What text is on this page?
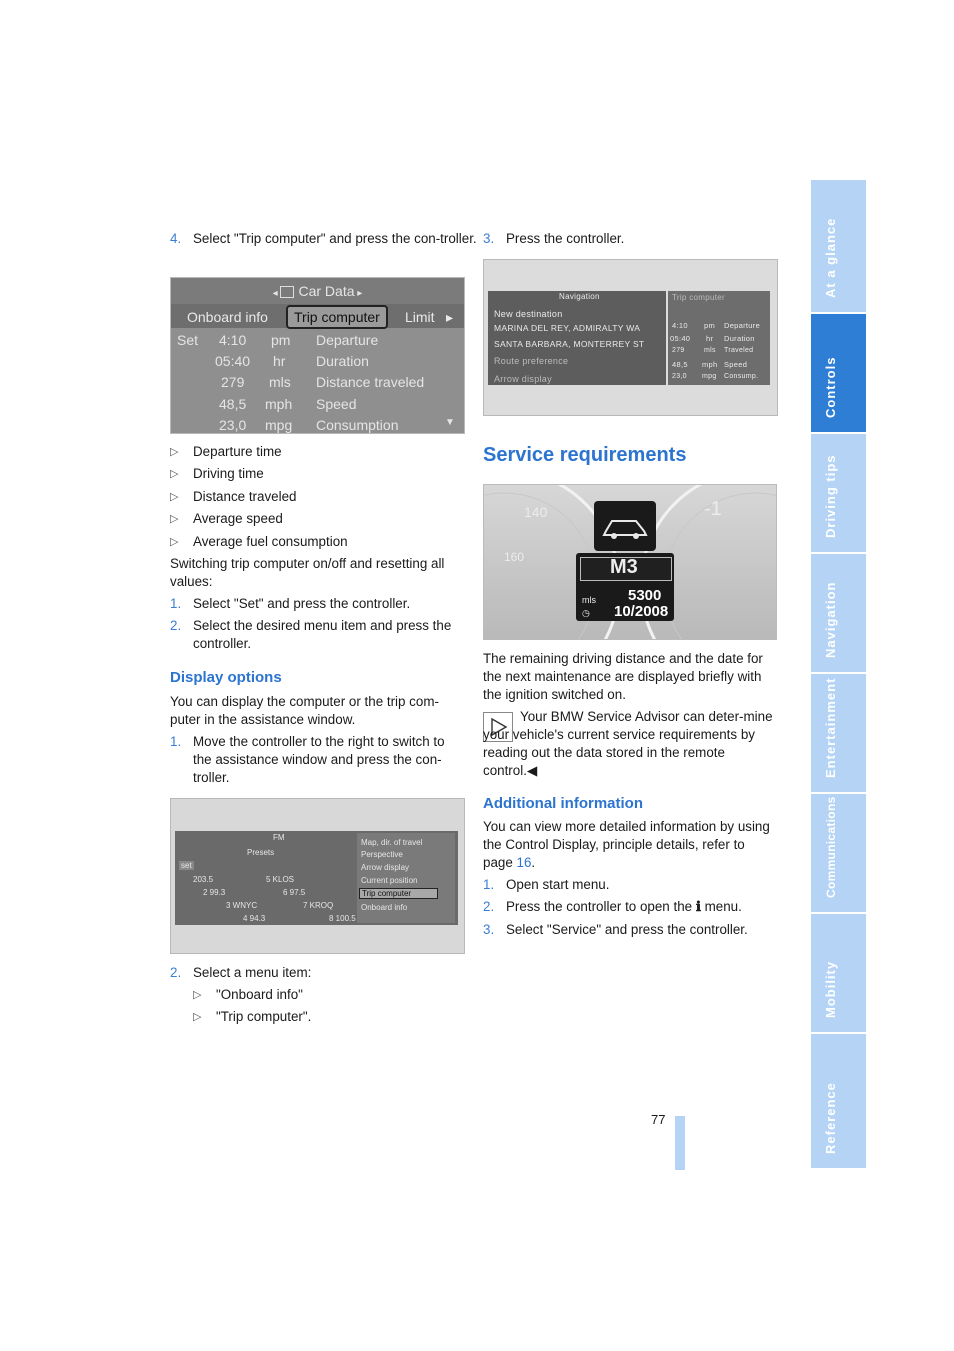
4. Select "Trip computer" and press the con-troller.
◂ Car Data ▸
Onboard info	Trip computer	Limit ▸
Set 4:10 pm Departure
05:40 hr Duration
279 mls Distance traveled
48,5 mph Speed
23,0 mpg Consumption	▼
▷ Departure time
▷ Driving time
▷ Distance traveled
▷ Average speed
▷ Average fuel consumption

Switching trip computer on/off and resetting all values:

1. Select "Set" and press the controller.
2. Select the desired menu item and press the controller.
Display options

You can display the computer or the trip com-puter in the assistance window.

1. Move the controller to the right to switch to the assistance window and press the con-troller.
FM
Presets
set
203.5	5 KLOS
2 99.3	6 97.5
3 WNYC	7 KROQ
4 94.3	8 100.5
Map, dir. of travel
Perspective
Arrow display
Current position
Trip computer
Onboard info
2. Select a menu item:
▷ "Onboard info"
▷ "Trip computer".
3. Press the controller.
Navigation	Trip computer
New destination
MARINA DEL REY, ADMIRALTY WA
SANTA BARBARA, MONTERREY ST
Route preference
Arrow display
4:10 pm Departure
05:40 hr Duration
279	mls Traveled
48,5 mph Speed
23,0 mpg Consump.
Service requirements
140
160
-1
M3
mls 5300
◷ 10/2008

The remaining driving distance and the date for the next maintenance are displayed briefly with the ignition switched on.

Your BMW Service Advisor can deter-mine your vehicle's current service requirements by reading out the data stored in the remote control.◀

Additional information

You can view more detailed information by using the Control Display, principle details, refer to page 16.

1. Open start menu.
2. Press the controller to open the ℹ menu.
3. Select "Service" and press the controller.
77
At a glance
Controls
Driving tips
Navigation
Entertainment
Communications
Mobility
Reference
